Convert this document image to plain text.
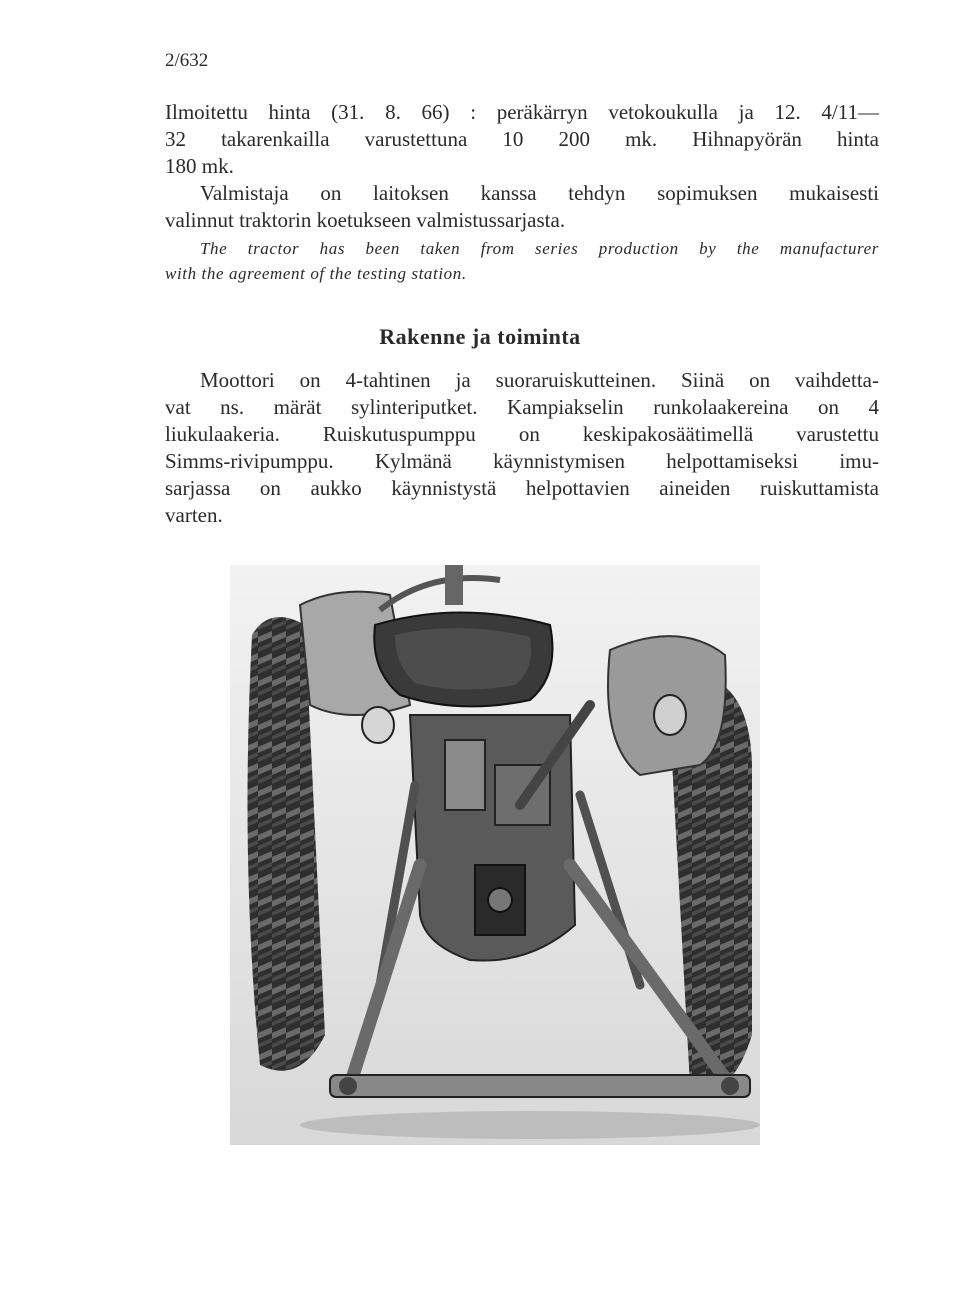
2/632
Ilmoitettu hinta (31. 8. 66) : peräkärryn vetokoukulla ja 12. 4/11—
32 takarenkailla varustettuna 10 200 mk. Hihnapyörän hinta
180 mk.
Valmistaja on laitoksen kanssa tehdyn sopimuksen mukaisesti
valinnut traktorin koetukseen valmistussarjasta.
The tractor has been taken from series production by the manufacturer
with the agreement of the testing station.
Rakenne ja toiminta
Moottori on 4-tahtinen ja suoraruiskutteinen. Siinä on vaihdetta-
vat ns. märät sylinteriputket. Kampiakselin runkolaakereina on 4
liukulaakeria. Ruiskutuspumppu on keskipakosäätimellä varustettu
Simms-rivipumppu. Kylmänä käynnistymisen helpottamiseksi imu-
sarjassa on aukko käynnistystä helpottavien aineiden ruiskuttamista
varten.
